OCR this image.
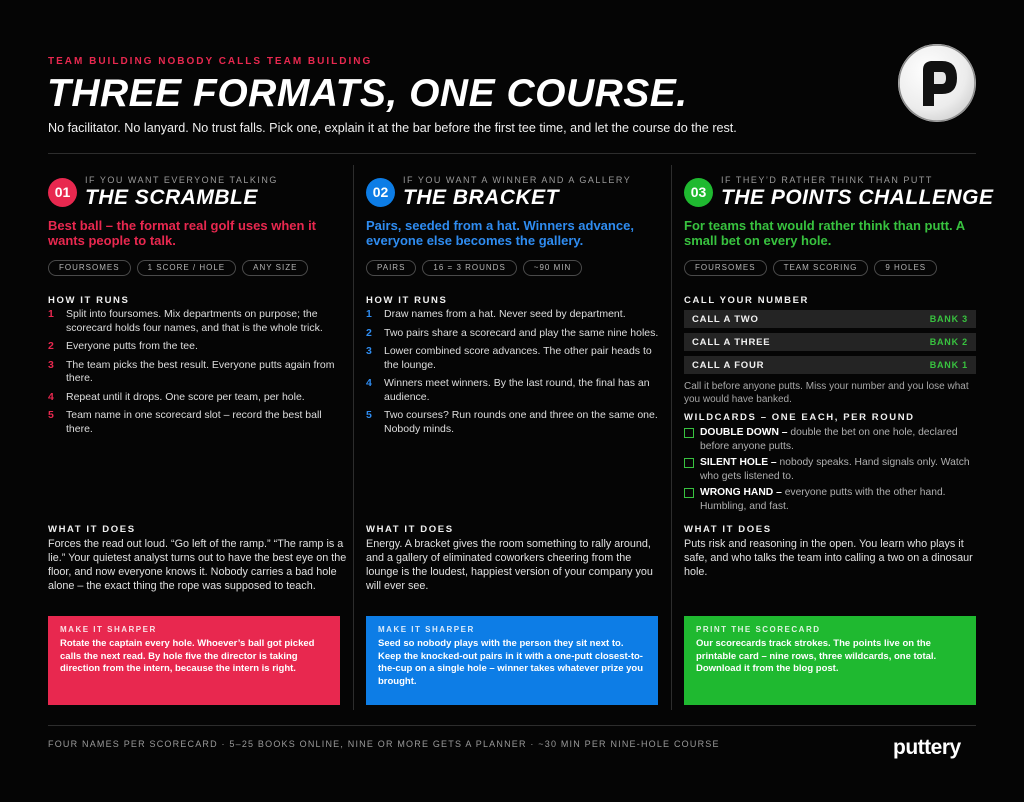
TEAM BUILDING NOBODY CALLS TEAM BUILDING
THREE FORMATS, ONE COURSE.
No facilitator. No lanyard. No trust falls. Pick one, explain it at the bar before the first tee time, and let the course do the rest.
01
IF YOU WANT EVERYONE TALKING
THE SCRAMBLE
Best ball – the format real golf uses when it wants people to talk.
FOURSOMES	1 SCORE / HOLE	ANY SIZE
HOW IT RUNS
1	Split into foursomes. Mix departments on purpose; the scorecard holds four names, and that is the whole trick.
2	Everyone putts from the tee.
3	The team picks the best result. Everyone putts again from there.
4	Repeat until it drops. One score per team, per hole.
5	Team name in one scorecard slot – record the best ball there.
WHAT IT DOES
Forces the read out loud. “Go left of the ramp.” “The ramp is a lie.” Your quietest analyst turns out to have the best eye on the floor, and now everyone knows it. Nobody carries a bad hole alone – the exact thing the rope was supposed to teach.
MAKE IT SHARPER
Rotate the captain every hole. Whoever’s ball got picked calls the next read. By hole five the director is taking direction from the intern, because the intern is right.
02
IF YOU WANT A WINNER AND A GALLERY
THE BRACKET
Pairs, seeded from a hat. Winners advance, everyone else becomes the gallery.
PAIRS	16 = 3 ROUNDS	~90 MIN
HOW IT RUNS
1	Draw names from a hat. Never seed by department.
2	Two pairs share a scorecard and play the same nine holes.
3	Lower combined score advances. The other pair heads to the lounge.
4	Winners meet winners. By the last round, the final has an audience.
5	Two courses? Run rounds one and three on the same one. Nobody minds.
WHAT IT DOES
Energy. A bracket gives the room something to rally around, and a gallery of eliminated coworkers cheering from the lounge is the loudest, happiest version of your company you will ever see.
MAKE IT SHARPER
Seed so nobody plays with the person they sit next to. Keep the knocked-out pairs in it with a one-putt closest-to-the-cup on a single hole – winner takes whatever prize you brought.
03
IF THEY’D RATHER THINK THAN PUTT
THE POINTS CHALLENGE
For teams that would rather think than putt. A small bet on every hole.
FOURSOMES	TEAM SCORING	9 HOLES
CALL YOUR NUMBER
CALL A TWO	BANK 3
CALL A THREE	BANK 2
CALL A FOUR	BANK 1
Call it before anyone putts. Miss your number and you lose what you would have banked.
WILDCARDS – ONE EACH, PER ROUND
DOUBLE DOWN – double the bet on one hole, declared before anyone putts.
SILENT HOLE – nobody speaks. Hand signals only. Watch who gets listened to.
WRONG HAND – everyone putts with the other hand. Humbling, and fast.
WHAT IT DOES
Puts risk and reasoning in the open. You learn who plays it safe, and who talks the team into calling a two on a dinosaur hole.
PRINT THE SCORECARD
Our scorecards track strokes. The points live on the printable card – nine rows, three wildcards, one total. Download it from the blog post.
FOUR NAMES PER SCORECARD · 5–25 BOOKS ONLINE, NINE OR MORE GETS A PLANNER · ~30 MIN PER NINE-HOLE COURSE	puttery
